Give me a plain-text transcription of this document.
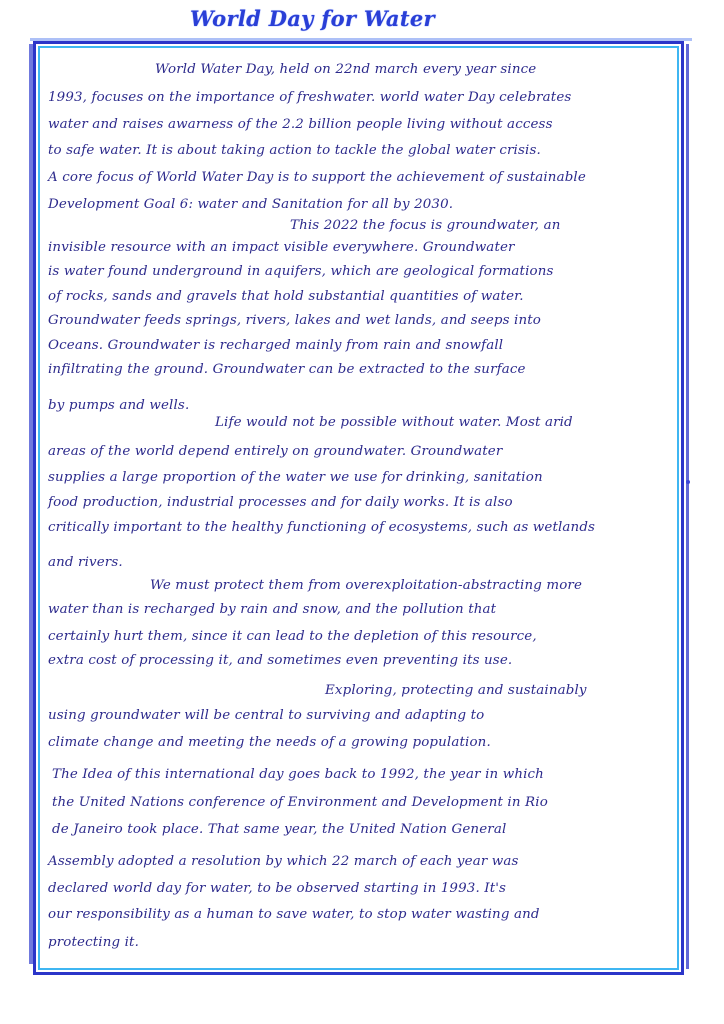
World Day for Water
World Water Day, held on 22nd march every year since
1993, focuses on the importance of freshwater. world water Day celebrates
water and raises awarness of the 2.2 billion people living without access
to safe water. It is about taking action to tackle the global water crisis.
A core focus of World Water Day is to support the achievement of sustainable
Development Goal 6: water and Sanitation for all by 2030.
This 2022 the focus is groundwater, an
invisible resource with an impact visible everywhere. Groundwater
is water found underground in aquifers, which are geological formations
of rocks, sands and gravels that hold substantial quantities of water.
Groundwater feeds springs, rivers, lakes and wet lands, and seeps into
Oceans. Groundwater is recharged mainly from rain and snowfall
infiltrating the ground. Groundwater can be extracted to the surface
by pumps and wells.
Life would not be possible without water. Most arid
areas of the world depend entirely on groundwater. Groundwater
supplies a large proportion of the water we use for drinking, sanitation
food production, industrial processes and for daily works. It is also
critically important to the healthy functioning of ecosystems, such as wetlands
and rivers.
We must protect them from overexploitation-abstracting more
water than is recharged by rain and snow, and the pollution that
certainly hurt them, since it can lead to the depletion of this resource,
extra cost of processing it, and sometimes even preventing its use.
Exploring, protecting and sustainably
using groundwater will be central to surviving and adapting to
climate change and meeting the needs of a growing population.
The Idea of this international day goes back to 1992, the year in which
the United Nations conference of Environment and Development in Rio
de Janeiro took place. That same year, the United Nation General
Assembly adopted a resolution by which 22 march of each year was
declared world day for water, to be observed starting in 1993. It's
our responsibility as a human to save water, to stop water wasting and
protecting it.
